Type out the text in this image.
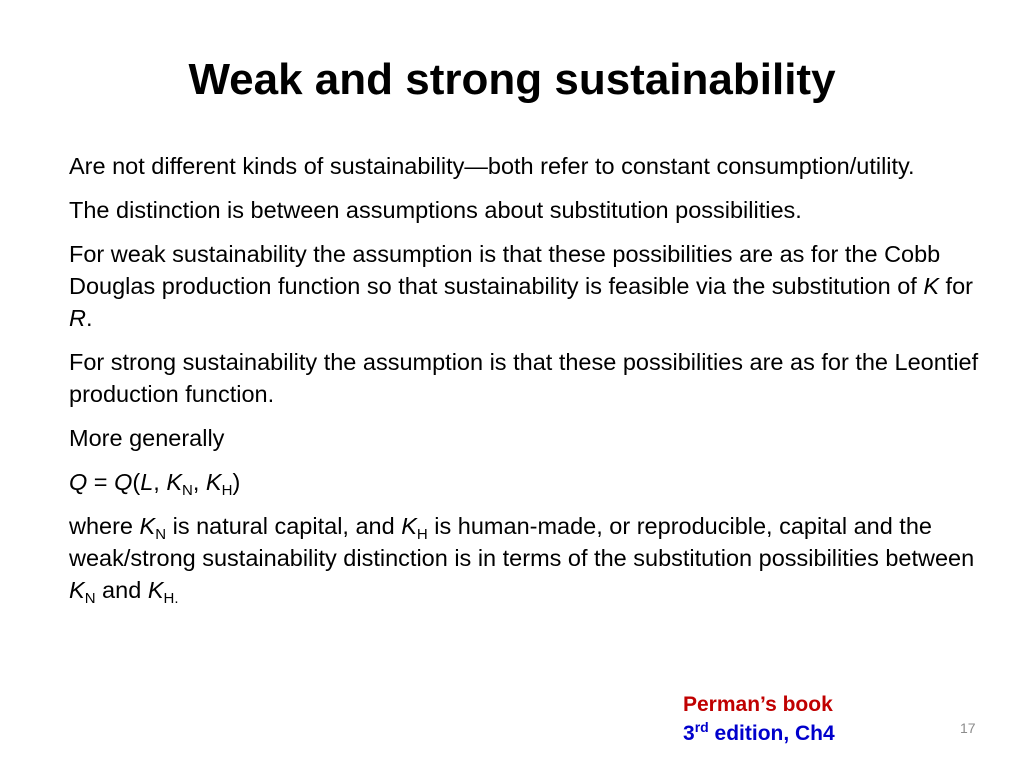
Weak and strong sustainability

Are not different kinds of sustainability—both refer to constant consumption/utility.

The distinction is between assumptions about substitution possibilities.

For weak sustainability the assumption is that these possibilities are as for the Cobb Douglas production function so that sustainability is feasible via the substitution of K for R.

For strong sustainability the assumption is that these possibilities are as for the Leontief production function.

More generally

Q = Q(L, $K_N$, $K_H$)

where $K_N$ is natural capital, and $K_H$ is human-made, or reproducible, capital and the weak/strong sustainability distinction is in terms of the substitution possibilities between $K_N$ and $K_{H.}$

Perman’s book
3rd edition, Ch4	17
